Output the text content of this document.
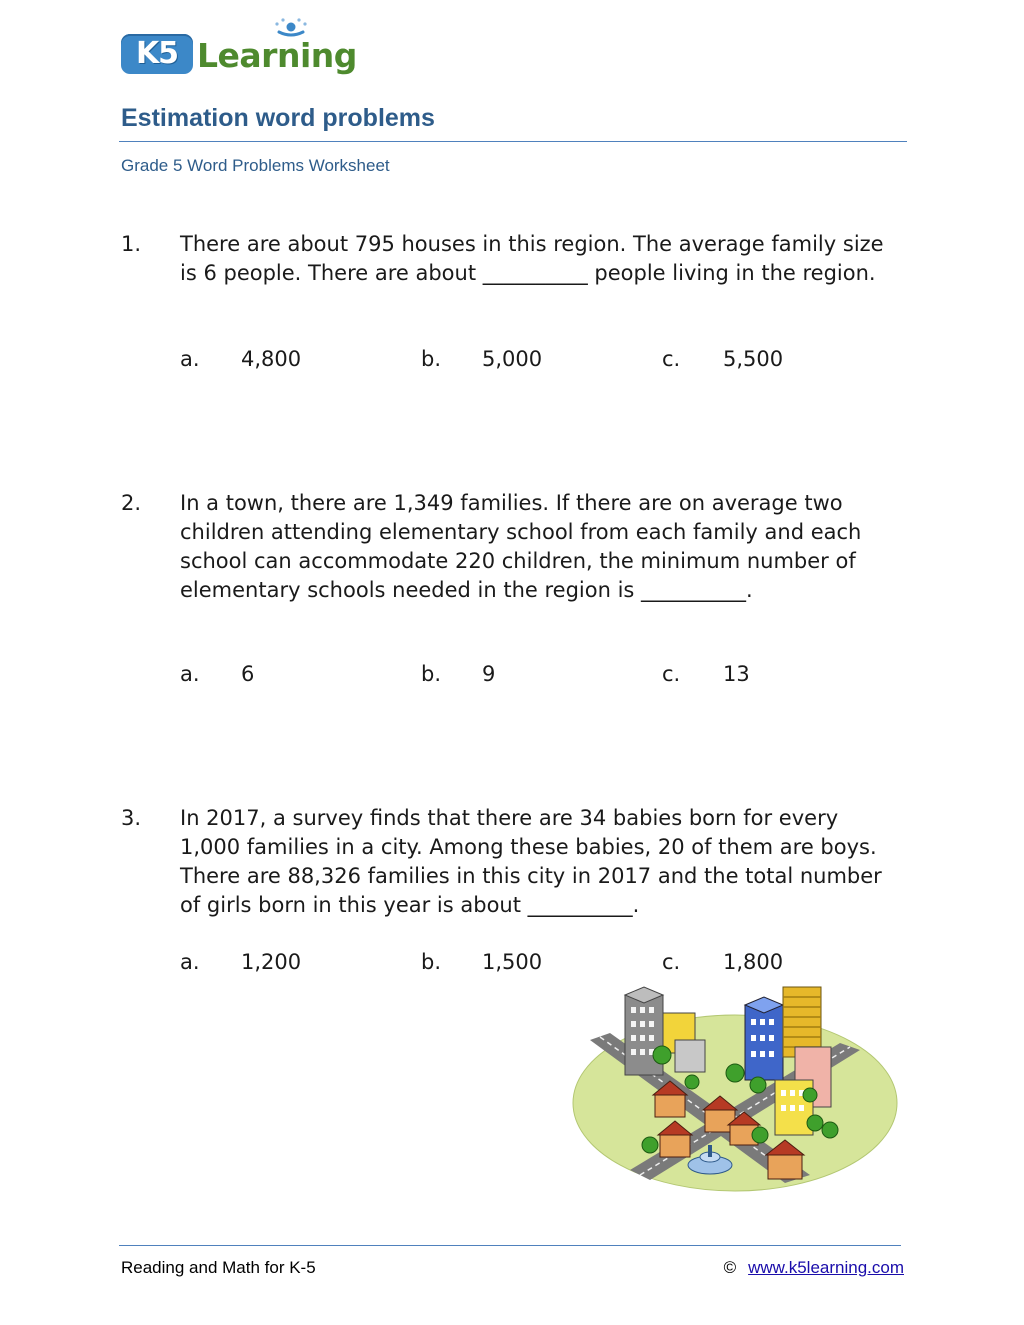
K5 Learning
Estimation word problems
Grade 5 Word Problems Worksheet
1. There are about 795 houses in this region. The average family size is 6 people. There are about __________ people living in the region.

a. 4,800	b. 5,000	c. 5,500
2. In a town, there are 1,349 families. If there are on average two children attending elementary school from each family and each school can accommodate 220 children, the minimum number of elementary schools needed in the region is __________.

a. 6	b. 9	c. 13
3. In 2017, a survey finds that there are 34 babies born for every 1,000 families in a city. Among these babies, 20 of them are boys. There are 88,326 families in this city in 2017 and the total number of girls born in this year is about __________.

a. 1,200	b. 1,500	c. 1,800
Reading and Math for K-5	© www.k5learning.com
